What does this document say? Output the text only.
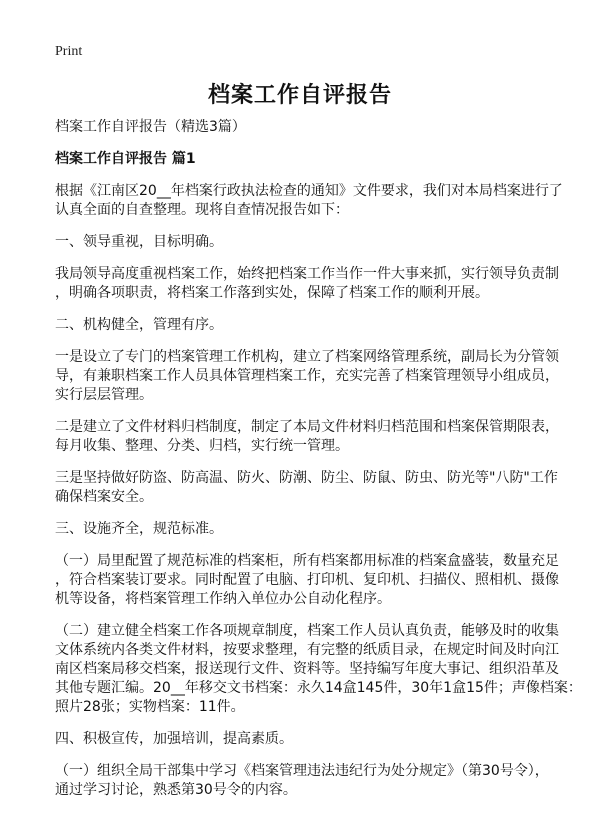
Print
档案工作自评报告

档案工作自评报告（精选3篇）

档案工作自评报告 篇1

根据《江南区20__年档案行政执法检查的通知》文件要求，我们对本局档案进行了
认真全面的自查整理。现将自查情况报告如下：

一、领导重视，目标明确。

我局领导高度重视档案工作，始终把档案工作当作一件大事来抓，实行领导负责制
，明确各项职责，将档案工作落到实处，保障了档案工作的顺利开展。

二、机构健全，管理有序。

一是设立了专门的档案管理工作机构，建立了档案网络管理系统，副局长为分管领
导，有兼职档案工作人员具体管理档案工作，充实完善了档案管理领导小组成员，
实行层层管理。

二是建立了文件材料归档制度，制定了本局文件材料归档范围和档案保管期限表，
每月收集、整理、分类、归档，实行统一管理。

三是坚持做好防盗、防高温、防火、防潮、防尘、防鼠、防虫、防光等"八防"工作
确保档案安全。

三、设施齐全，规范标准。

（一）局里配置了规范标准的档案柜，所有档案都用标准的档案盒盛装，数量充足
，符合档案装订要求。同时配置了电脑、打印机、复印机、扫描仪、照相机、摄像
机等设备，将档案管理工作纳入单位办公自动化程序。

（二）建立健全档案工作各项规章制度，档案工作人员认真负责，能够及时的收集
文体系统内各类文件材料，按要求整理，有完整的纸质目录，在规定时间及时向江
南区档案局移交档案，报送现行文件、资料等。坚持编写年度大事记、组织沿革及
其他专题汇编。20__年移交文书档案：永久14盒145件，30年1盒15件；声像档案：
照片28张；实物档案：11件。

四、积极宣传，加强培训，提高素质。

（一）组织全局干部集中学习《档案管理违法违纪行为处分规定》（第30号令），
通过学习讨论，熟悉第30号令的内容。
